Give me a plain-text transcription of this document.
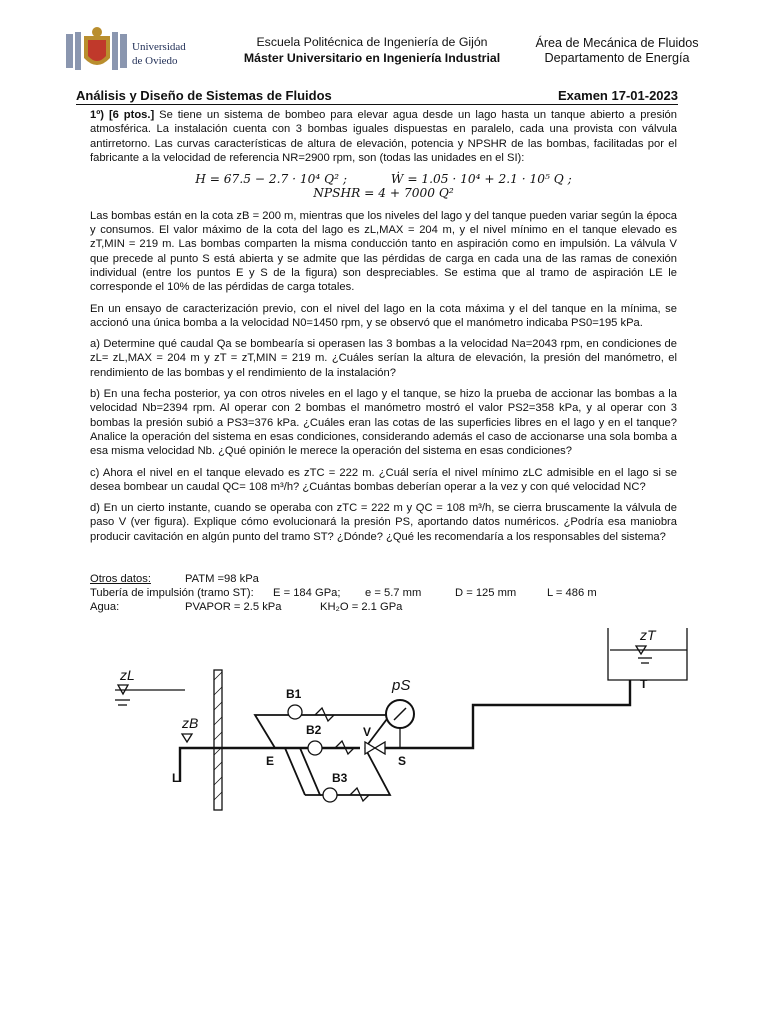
Universidad
de Oviedo
Escuela Politécnica de Ingeniería de Gijón
Máster Universitario en Ingeniería Industrial
Área de Mecánica de Fluidos
Departamento de Energía
Análisis y Diseño de Sistemas de Fluidos	Examen 17-01-2023

1º) [6 ptos.] Se tiene un sistema de bombeo para elevar agua desde un lago hasta un tanque abierto a presión atmosférica. La instalación cuenta con 3 bombas iguales dispuestas en paralelo, cada una provista con válvula antirretorno. Las curvas características de altura de elevación, potencia y NPSHR de las bombas, facilitadas por el fabricante a la velocidad de referencia NR=2900 rpm, son (todas las unidades en el SI):

H = 67.5 − 2.7 · 10⁴ Q² ;	Ẇ = 1.05 · 10⁴ + 2.1 · 10⁵ Q ; NPSHR = 4 + 7000 Q²

Las bombas están en la cota zB = 200 m, mientras que los niveles del lago y del tanque pueden variar según la época y consumos. El valor máximo de la cota del lago es zL,MAX = 204 m, y el nivel mínimo en el tanque elevado es zT,MIN = 219 m. Las bombas comparten la misma conducción tanto en aspiración como en impulsión. La válvula V que precede al punto S está abierta y se admite que las pérdidas de carga en cada una de las ramas de conexión individual (entre los puntos E y S de la figura) son despreciables. Se estima que al tramo de aspiración LE le corresponde el 10% de las pérdidas de carga totales.

En un ensayo de caracterización previo, con el nivel del lago en la cota máxima y el del tanque en la mínima, se accionó una única bomba a la velocidad N0=1450 rpm, y se observó que el manómetro indicaba PS0=195 kPa.

a) Determine qué caudal Qa se bombearía si operasen las 3 bombas a la velocidad Na=2043 rpm, en condiciones de zL= zL,MAX = 204 m y zT = zT,MIN = 219 m. ¿Cuáles serían la altura de elevación, la presión del manómetro, el rendimiento de las bombas y el rendimiento de la instalación?

b) En una fecha posterior, ya con otros niveles en el lago y el tanque, se hizo la prueba de accionar las bombas a la velocidad Nb=2394 rpm. Al operar con 2 bombas el manómetro mostró el valor PS2=358 kPa, y al operar con 3 bombas la presión subió a PS3=376 kPa. ¿Cuáles eran las cotas de las superficies libres en el lago y en el tanque? Analice la operación del sistema en esas condiciones, considerando además el caso de accionarse una sola bomba a esa misma velocidad Nb. ¿Qué opinión le merece la operación del sistema en esas condiciones?

c) Ahora el nivel en el tanque elevado es zTC = 222 m. ¿Cuál sería el nivel mínimo zLC admisible en el lago si se desea bombear un caudal QC= 108 m³/h? ¿Cuántas bombas deberían operar a la vez y con qué velocidad NC?

d) En un cierto instante, cuando se operaba con zTC = 222 m y QC = 108 m³/h, se cierra bruscamente la válvula de paso V (ver figura). Explique cómo evolucionará la presión PS, aportando datos numéricos. ¿Podría esa maniobra producir cavitación en algún punto del tramo ST? ¿Dónde? ¿Qué les recomendaría a los responsables del sistema?

Otros datos:	PATM =98 kPa
Tubería de impulsión (tramo ST): E = 184 GPa; e = 5.7 mm	D = 125 mm	L = 486 m
Agua:	PVAPOR = 2.5 kPa	KH₂O = 2.1 GPa
zL
zB
zT
pS
L
E	S
T
V
B1
B2
B3
